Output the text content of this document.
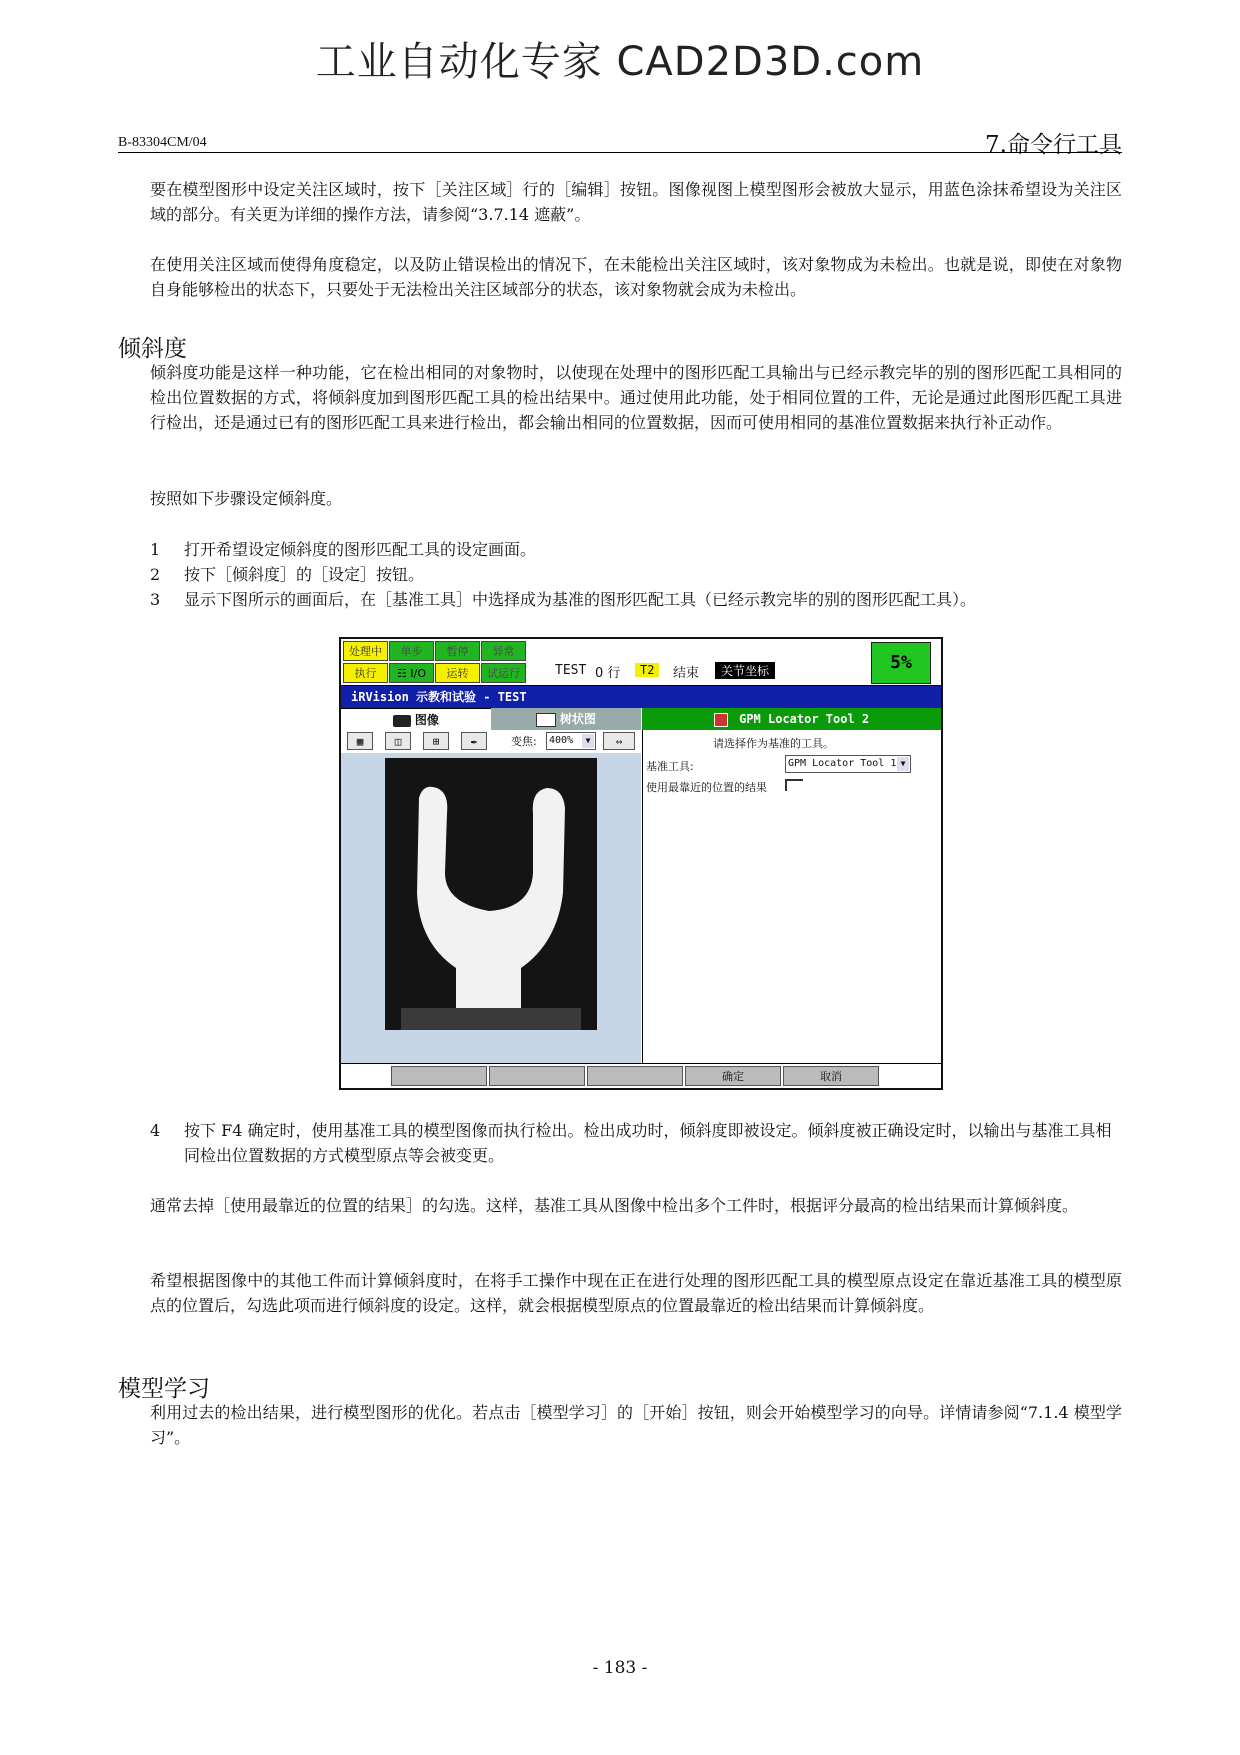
工业自动化专家 CAD2D3D.com
B-83304CM/04	7.命令行工具
要在模型图形中设定关注区域时，按下［关注区域］行的［编辑］按钮。图像视图上模型图形会被放大显示，用蓝色涂抹希望设为关注区域的部分。有关更为详细的操作方法，请参阅“3.7.14 遮蔽”。
在使用关注区域而使得角度稳定，以及防止错误检出的情况下，在未能检出关注区域时，该对象物成为未检出。也就是说，即使在对象物自身能够检出的状态下，只要处于无法检出关注区域部分的状态，该对象物就会成为未检出。
倾斜度
倾斜度功能是这样一种功能，它在检出相同的对象物时，以使现在处理中的图形匹配工具输出与已经示教完毕的别的图形匹配工具相同的检出位置数据的方式，将倾斜度加到图形匹配工具的检出结果中。通过使用此功能，处于相同位置的工件，无论是通过此图形匹配工具进行检出，还是通过已有的图形匹配工具来进行检出，都会输出相同的位置数据，因而可使用相同的基准位置数据来执行补正动作。
按照如下步骤设定倾斜度。
1 打开希望设定倾斜度的图形匹配工具的设定画面。
2 按下［倾斜度］的［设定］按钮。
3 显示下图所示的画面后，在［基准工具］中选择成为基准的图形匹配工具（已经示教完毕的别的图形匹配工具）。
处理中	单步	暂停	异常
执行	☷ I/O	运转	试运行	TEST 0 行	T2	结束	关节坐标	5%
iRVision 示教和试验 - TEST
图像	树状图
▦	◫	⊞	✒	变焦:	400%	▼	⇔
GPM Locator Tool 2
请选择作为基准的工具。
基准工具:	GPM Locator Tool 1 ▼
使用最靠近的位置的结果
确定	取消
4 按下 F4 确定时，使用基准工具的模型图像而执行检出。检出成功时，倾斜度即被设定。倾斜度被正确设定时，以输出与基准工具相同检出位置数据的方式模型原点等会被变更。
通常去掉［使用最靠近的位置的结果］的勾选。这样，基准工具从图像中检出多个工件时，根据评分最高的检出结果而计算倾斜度。
希望根据图像中的其他工件而计算倾斜度时，在将手工操作中现在正在进行处理的图形匹配工具的模型原点设定在靠近基准工具的模型原点的位置后，勾选此项而进行倾斜度的设定。这样，就会根据模型原点的位置最靠近的检出结果而计算倾斜度。
模型学习
利用过去的检出结果，进行模型图形的优化。若点击［模型学习］的［开始］按钮，则会开始模型学习的向导。详情请参阅“7.1.4 模型学习”。
- 183 -
